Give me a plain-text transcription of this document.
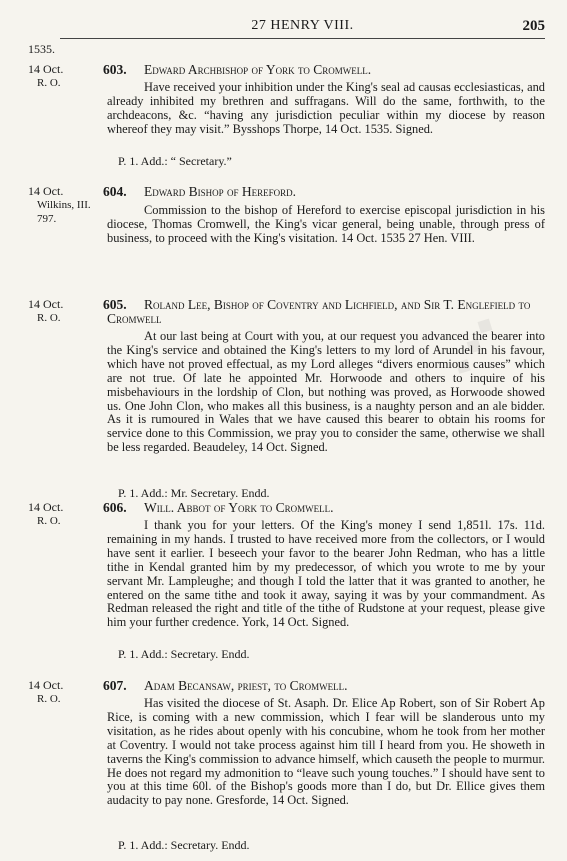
◆◆◆
27 HENRY VIII.	205
1535.
14 Oct.
R. O.
603. Edward Archbishop of York to Cromwell.
Have received your inhibition under the King's seal ad causas ecclesiasticas, and already inhibited my brethren and suffragans. Will do the same, forthwith, to the archdeacons, &c. “having any jurisdiction peculiar within my diocese by reason whereof they may visit.” Bysshops Thorpe, 14 Oct. 1535. Signed.
P. 1. Add.: “ Secretary.”
14 Oct.
Wilkins, III. 797.
604. Edward Bishop of Hereford.
Commission to the bishop of Hereford to exercise episcopal jurisdiction in his diocese, Thomas Cromwell, the King's vicar general, being unable, through press of business, to proceed with the King's visitation. 14 Oct. 1535 27 Hen. VIII.
14 Oct.
R. O.
605.	Roland Lee, Bishop of Coventry and Lichfield, and Sir T. Englefield to Cromwell
At our last being at Court with you, at our request you advanced the bearer into the King's service and obtained the King's letters to my lord of Arundel in his favour, which have not proved effectual, as my Lord alleges “divers enormious causes” which are not true. Of late he appointed Mr. Horwoode and others to inquire of his misbehaviours in the lordship of Clon, but nothing was proved, as Horwoode showed us. One John Clon, who makes all this business, is a naughty person and an ale bidder. As it is rumoured in Wales that we have caused this bearer to obtain his rooms for service done to this Commission, we pray you to consider the same, otherwise we shall be less regarded. Beaudeley, 14 Oct. Signed.
P. 1. Add.: Mr. Secretary. Endd.
14 Oct.
R. O.
606. Will. Abbot of York to Cromwell.
I thank you for your letters. Of the King's money I send 1,851l. 17s. 11d. remaining in my hands. I trusted to have received more from the collectors, or I would have sent it earlier. I beseech your favor to the bearer John Redman, who has a little tithe in Kendal granted him by my predecessor, of which you wrote to me by your servant Mr. Lampleughe; and though I told the latter that it was granted to another, he entered on the same tithe and took it away, saying it was by your commandment. As Redman released the right and title of the tithe of Rudstone at your request, please give him your further credence. York, 14 Oct. Signed.
P. 1. Add.: Secretary. Endd.
14 Oct.
R. O.
607. Adam Becansaw, priest, to Cromwell.
Has visited the diocese of St. Asaph. Dr. Elice Ap Robert, son of Sir Robert Ap Rice, is coming with a new commission, which I fear will be slanderous unto my visitation, as he rides about openly with his concubine, whom he took from her mother at Coventry. I would not take process against him till I heard from you. He showeth in taverns the King's commission to advance himself, which causeth the people to murmur. He does not regard my admonition to “leave such young touches.” I should have sent to you at this time 60l. of the Bishop's goods more than I do, but Dr. Ellice gives them audacity to pay none. Gresforde, 14 Oct. Signed.
P. 1. Add.: Secretary. Endd.
